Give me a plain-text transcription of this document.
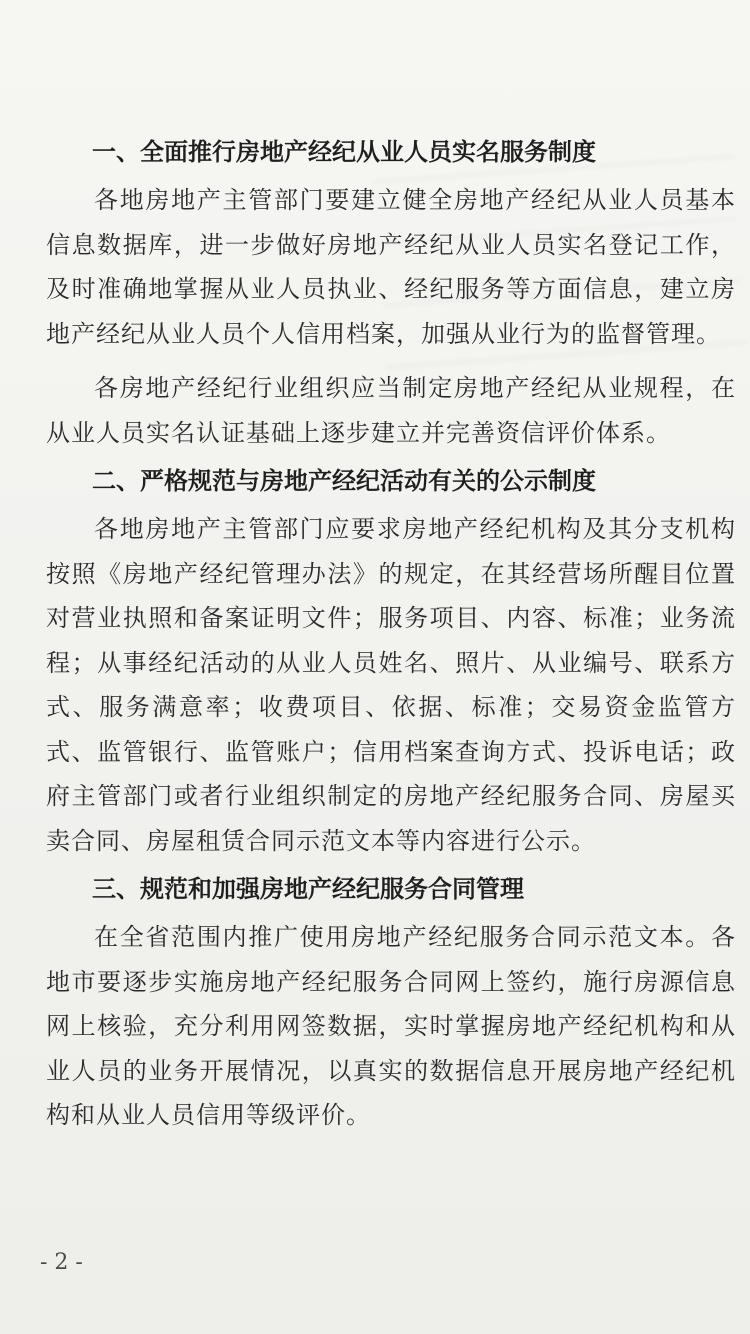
一、全面推行房地产经纪从业人员实名服务制度

各地房地产主管部门要建立健全房地产经纪从业人员基本信息数据库，进一步做好房地产经纪从业人员实名登记工作，及时准确地掌握从业人员执业、经纪服务等方面信息，建立房地产经纪从业人员个人信用档案，加强从业行为的监督管理。

各房地产经纪行业组织应当制定房地产经纪从业规程，在从业人员实名认证基础上逐步建立并完善资信评价体系。

二、严格规范与房地产经纪活动有关的公示制度

各地房地产主管部门应要求房地产经纪机构及其分支机构按照《房地产经纪管理办法》的规定，在其经营场所醒目位置对营业执照和备案证明文件；服务项目、内容、标准；业务流程；从事经纪活动的从业人员姓名、照片、从业编号、联系方式、服务满意率；收费项目、依据、标准；交易资金监管方式、监管银行、监管账户；信用档案查询方式、投诉电话；政府主管部门或者行业组织制定的房地产经纪服务合同、房屋买卖合同、房屋租赁合同示范文本等内容进行公示。

三、规范和加强房地产经纪服务合同管理

在全省范围内推广使用房地产经纪服务合同示范文本。各地市要逐步实施房地产经纪服务合同网上签约，施行房源信息网上核验，充分利用网签数据，实时掌握房地产经纪机构和从业人员的业务开展情况，以真实的数据信息开展房地产经纪机构和从业人员信用等级评价。

- 2 -
